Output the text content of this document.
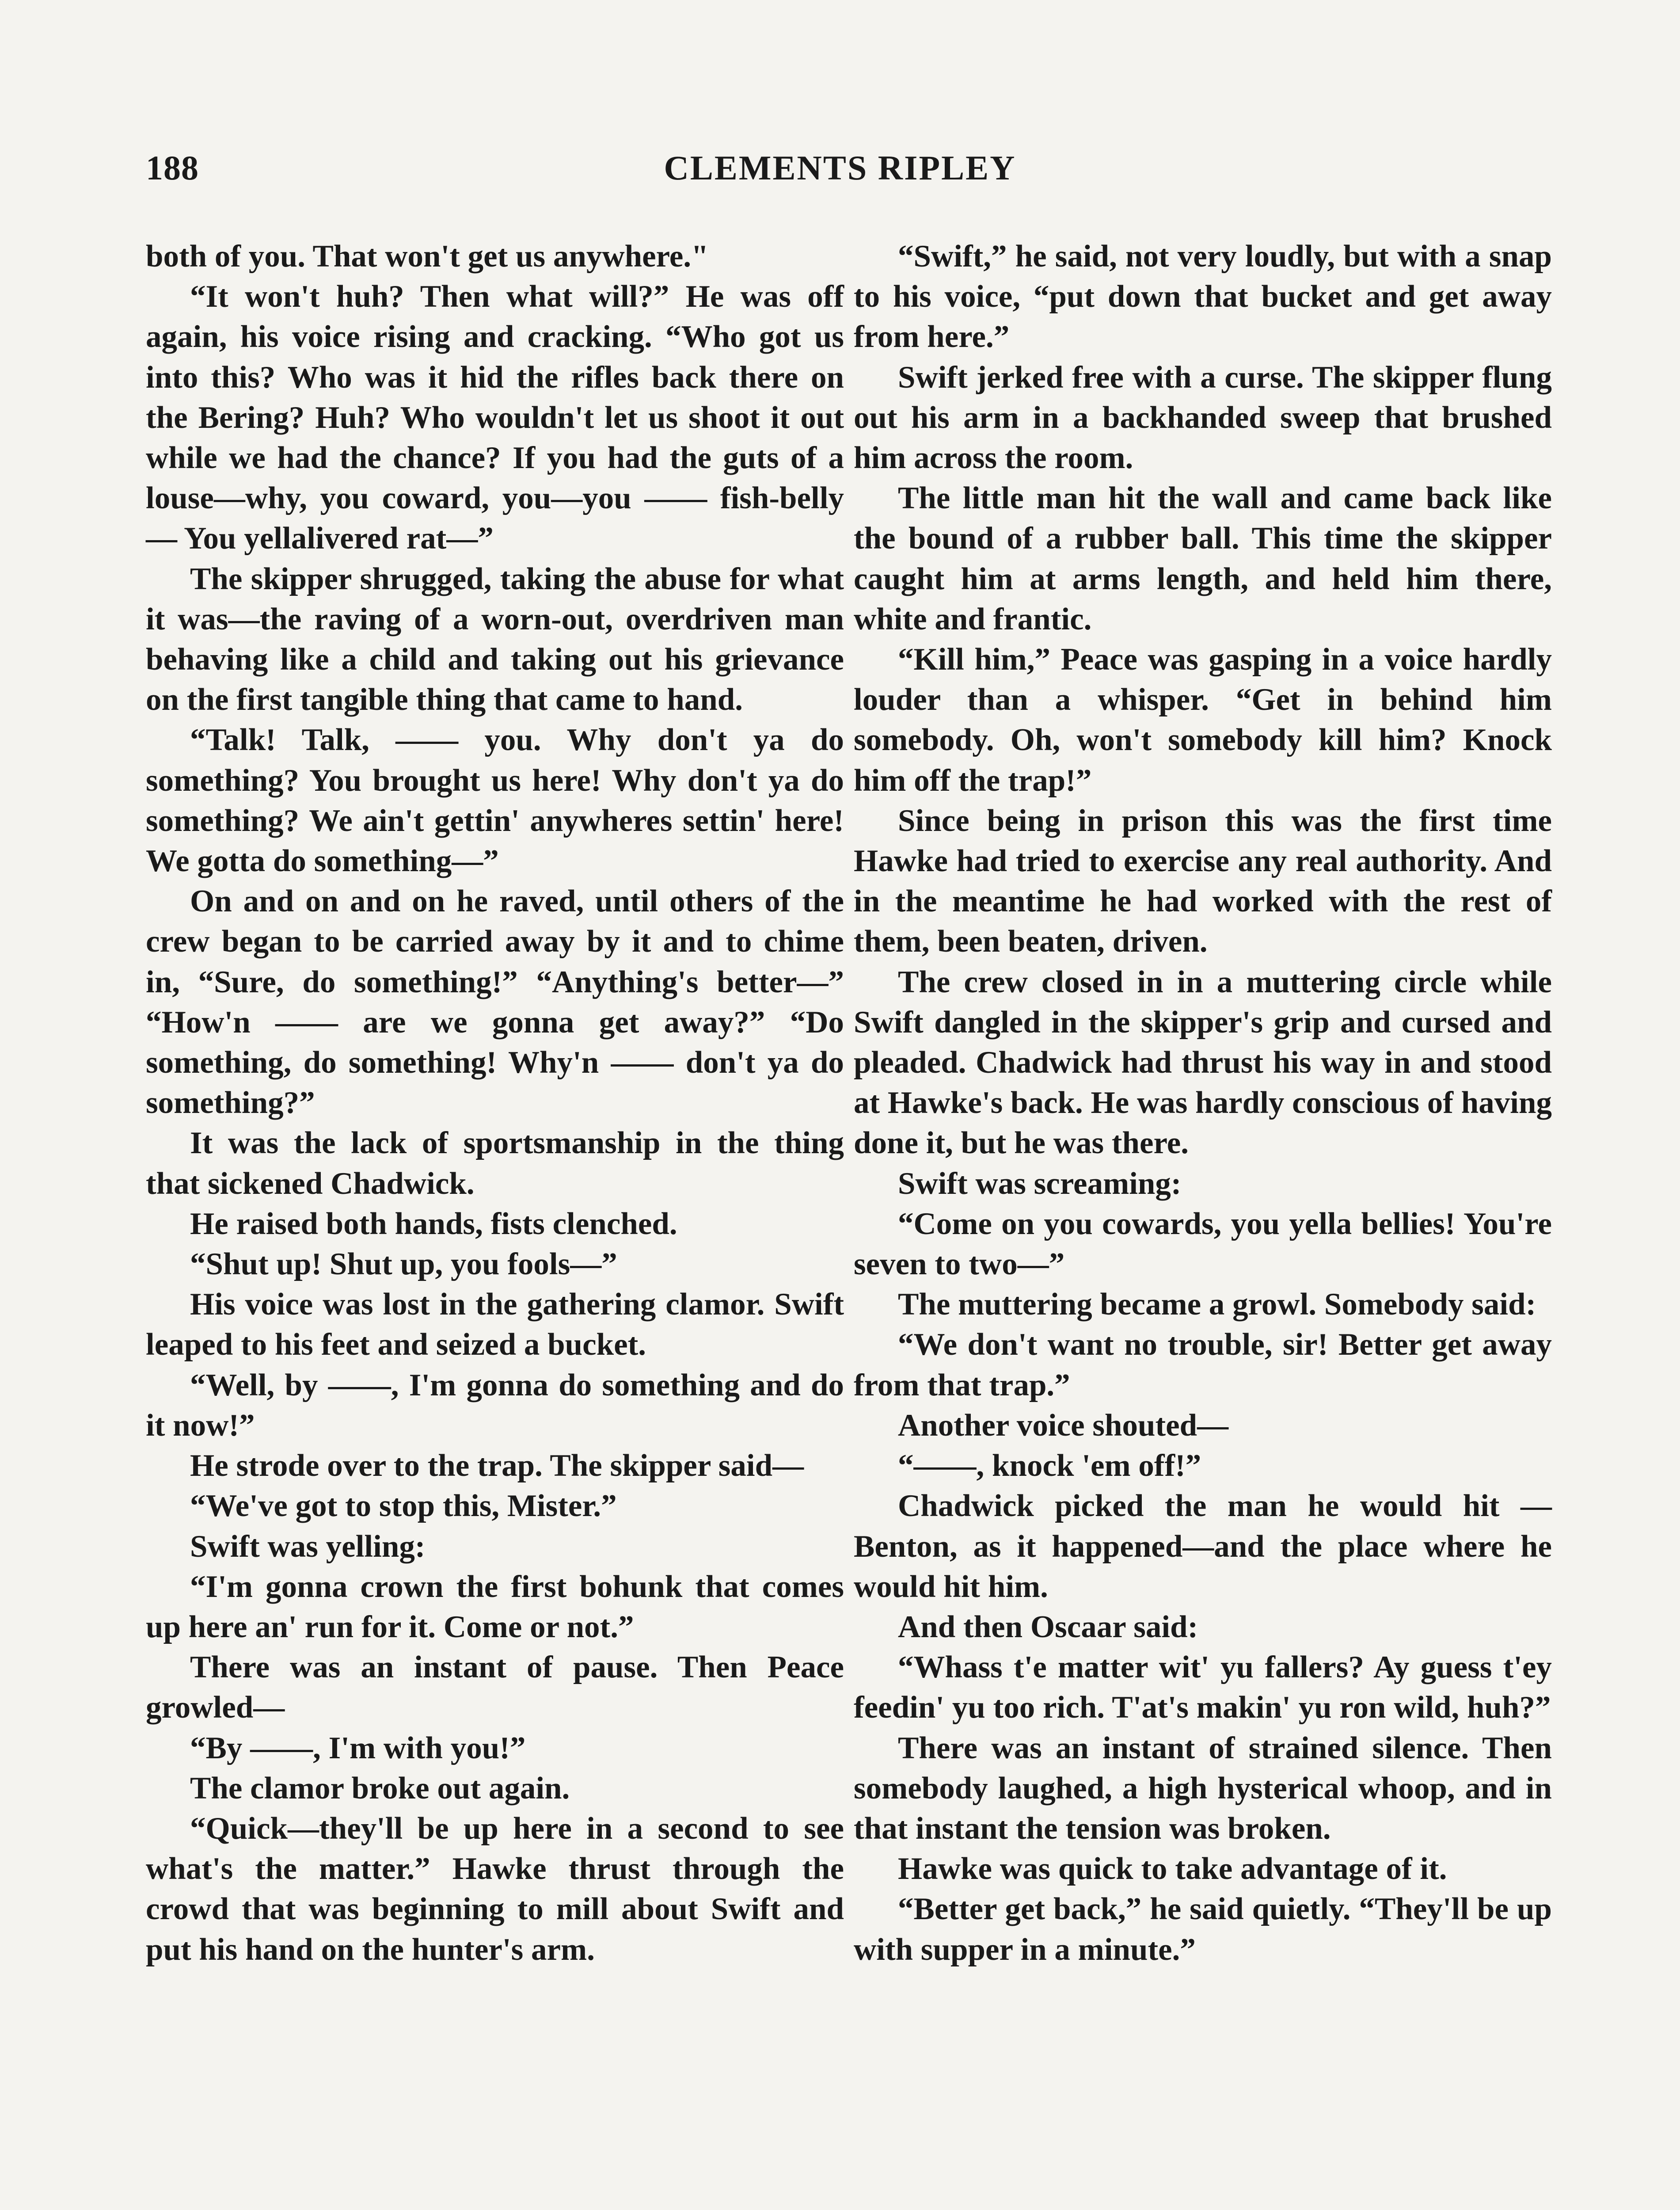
188	CLEMENTS RIPLEY

both of you. That won't get us anywhere."

“It won't huh? Then what will?” He was off again, his voice rising and cracking. “Who got us into this? Who was it hid the rifles back there on the Bering? Huh? Who wouldn't let us shoot it out while we had the chance? If you had the guts of a louse—why, you coward, you—you —— fish-belly— You yellalivered rat—”

The skipper shrugged, taking the abuse for what it was—the raving of a worn-out, overdriven man behaving like a child and taking out his grievance on the first tangible thing that came to hand.

“Talk! Talk, —— you. Why don't ya do something? You brought us here! Why don't ya do something? We ain't gettin' anywheres settin' here! We gotta do something—”

On and on and on he raved, until others of the crew began to be carried away by it and to chime in, “Sure, do something!” “Anything's better—” “How'n —— are we gonna get away?” “Do something, do something! Why'n —— don't ya do something?”

It was the lack of sportsmanship in the thing that sickened Chadwick.

He raised both hands, fists clenched.

“Shut up! Shut up, you fools—”

His voice was lost in the gathering clamor. Swift leaped to his feet and seized a bucket.

“Well, by ——, I'm gonna do something and do it now!”

He strode over to the trap. The skipper said—

“We've got to stop this, Mister.”

Swift was yelling:

“I'm gonna crown the first bohunk that comes up here an' run for it. Come or not.”

There was an instant of pause. Then Peace growled—

“By ——, I'm with you!”

The clamor broke out again.

“Quick—they'll be up here in a second to see what's the matter.” Hawke thrust through the crowd that was beginning to mill about Swift and put his hand on the hunter's arm.

“Swift,” he said, not very loudly, but with a snap to his voice, “put down that bucket and get away from here.”

Swift jerked free with a curse. The skipper flung out his arm in a backhanded sweep that brushed him across the room.

The little man hit the wall and came back like the bound of a rubber ball. This time the skipper caught him at arms length, and held him there, white and frantic.

“Kill him,” Peace was gasping in a voice hardly louder than a whisper. “Get in behind him somebody. Oh, won't somebody kill him? Knock him off the trap!”

Since being in prison this was the first time Hawke had tried to exercise any real authority. And in the meantime he had worked with the rest of them, been beaten, driven.

The crew closed in in a muttering circle while Swift dangled in the skipper's grip and cursed and pleaded. Chadwick had thrust his way in and stood at Hawke's back. He was hardly conscious of having done it, but he was there.

Swift was screaming:

“Come on you cowards, you yella bellies! You're seven to two—”

The muttering became a growl. Somebody said:

“We don't want no trouble, sir! Better get away from that trap.”

Another voice shouted—

“——, knock 'em off!”

Chadwick picked the man he would hit —Benton, as it happened—and the place where he would hit him.

And then Oscaar said:

“Whass t'e matter wit' yu fallers? Ay guess t'ey feedin' yu too rich. T'at's makin' yu ron wild, huh?”

There was an instant of strained silence. Then somebody laughed, a high hysterical whoop, and in that instant the tension was broken.

Hawke was quick to take advantage of it.

“Better get back,” he said quietly. “They'll be up with supper in a minute.”
